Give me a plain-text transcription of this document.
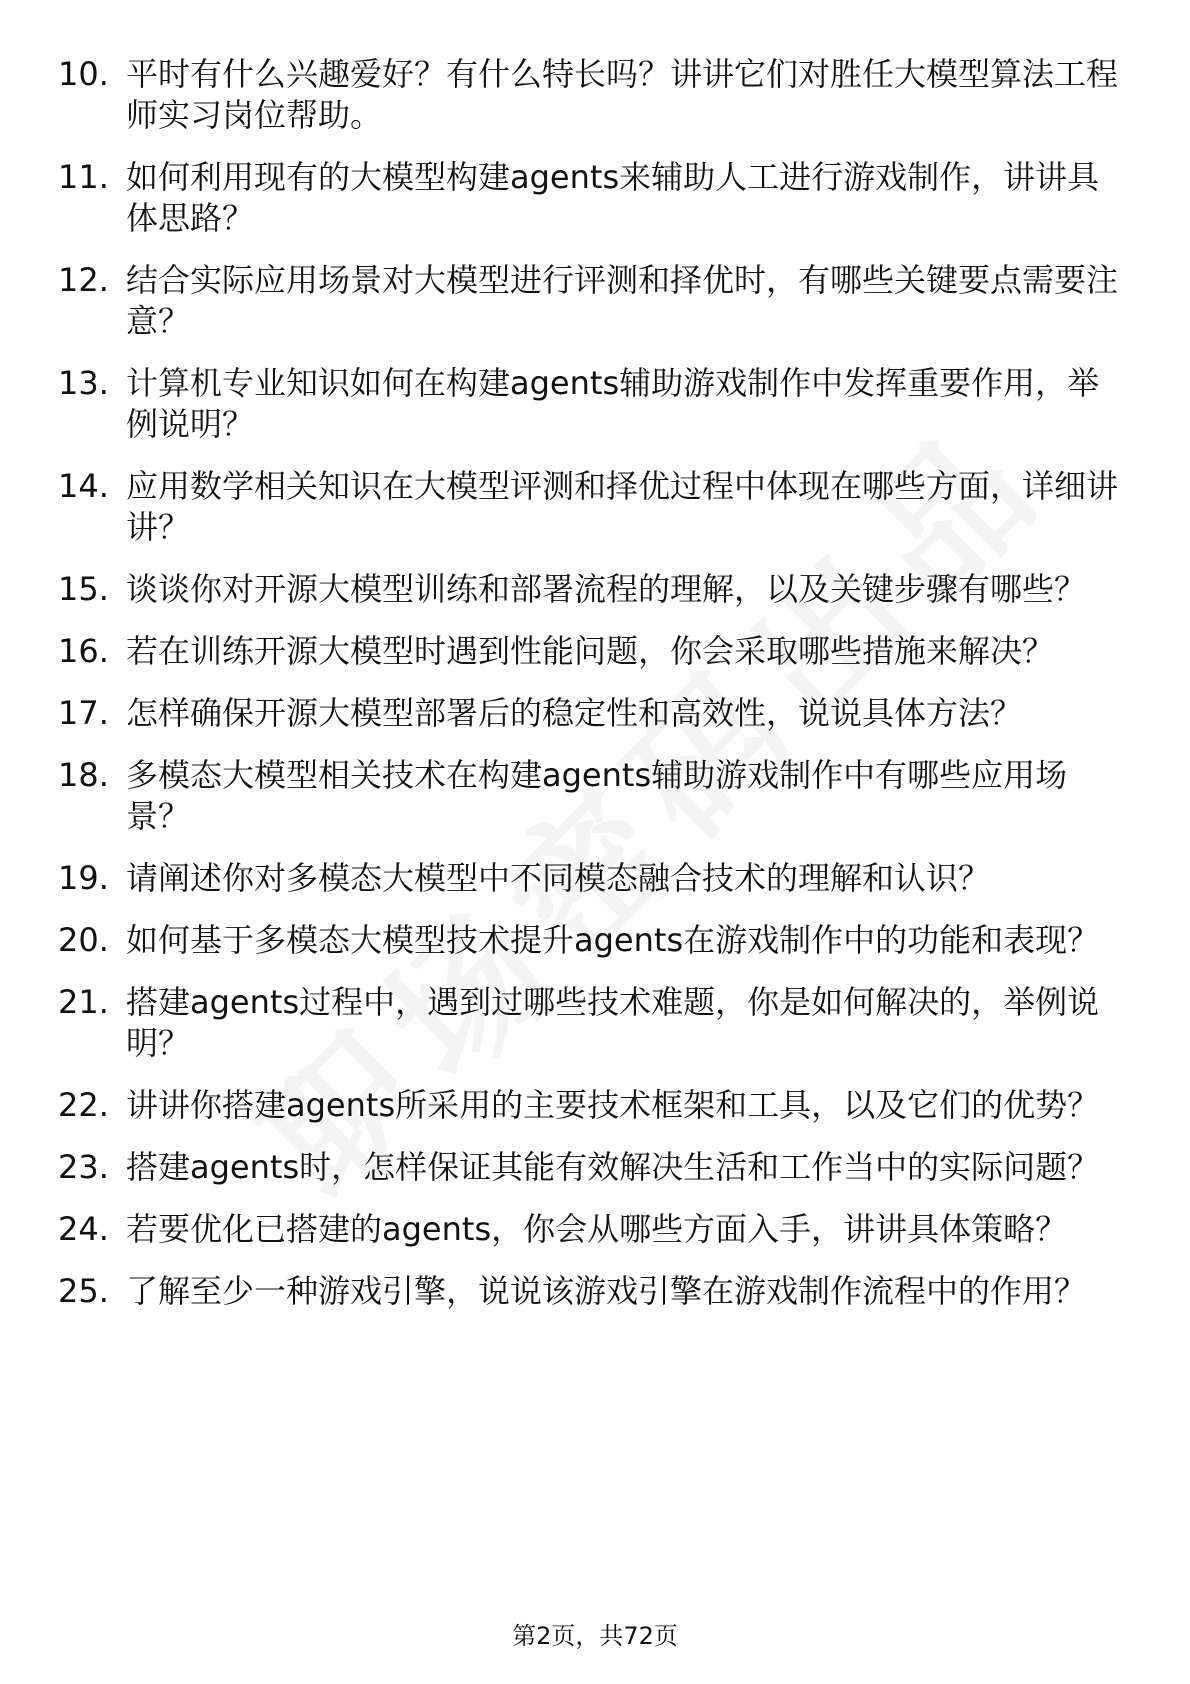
10. 平时有什么兴趣爱好？有什么特长吗？讲讲它们对胜任大模型算法工程师实习岗位帮助。
11. 如何利用现有的大模型构建agents来辅助人工进行游戏制作，讲讲具体思路？
12. 结合实际应用场景对大模型进行评测和择优时，有哪些关键要点需要注意？
13. 计算机专业知识如何在构建agents辅助游戏制作中发挥重要作用，举例说明？
14. 应用数学相关知识在大模型评测和择优过程中体现在哪些方面，详细讲讲？
15. 谈谈你对开源大模型训练和部署流程的理解，以及关键步骤有哪些？
16. 若在训练开源大模型时遇到性能问题，你会采取哪些措施来解决？
17. 怎样确保开源大模型部署后的稳定性和高效性，说说具体方法？
18. 多模态大模型相关技术在构建agents辅助游戏制作中有哪些应用场景？
19. 请阐述你对多模态大模型中不同模态融合技术的理解和认识？
20. 如何基于多模态大模型技术提升agents在游戏制作中的功能和表现？
21. 搭建agents过程中，遇到过哪些技术难题，你是如何解决的，举例说明？
22. 讲讲你搭建agents所采用的主要技术框架和工具，以及它们的优势？
23. 搭建agents时，怎样保证其能有效解决生活和工作当中的实际问题？
24. 若要优化已搭建的agents，你会从哪些方面入手，讲讲具体策略？
25. 了解至少一种游戏引擎，说说该游戏引擎在游戏制作流程中的作用？
第2页，共72页
